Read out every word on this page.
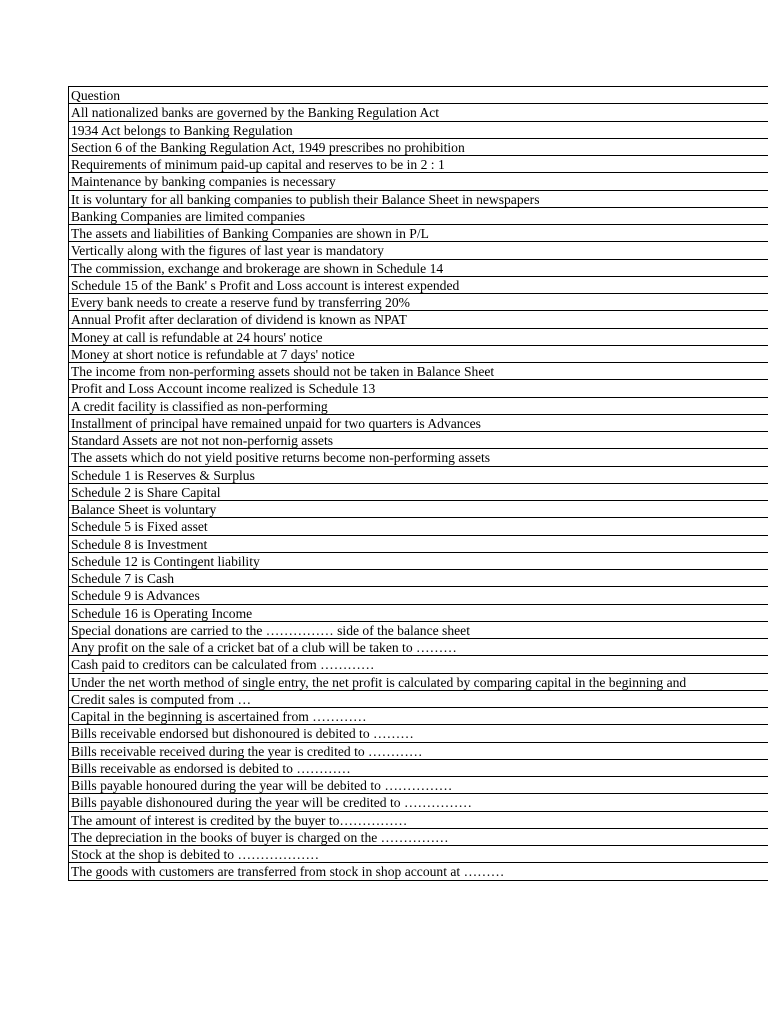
Question
All nationalized banks are governed by the Banking Regulation Act
1934 Act belongs to Banking Regulation
Section 6 of the Banking Regulation Act, 1949 prescribes no prohibition
Requirements of minimum paid-up capital and reserves to be in 2 : 1
Maintenance by banking companies is necessary
It is voluntary for all banking companies to publish their Balance Sheet in newspapers
Banking Companies are limited companies
The assets and liabilities of Banking Companies are shown in P/L
Vertically along with the figures of last year is mandatory
The commission, exchange and brokerage are shown in Schedule 14
Schedule 15 of the Bank' s Profit and Loss account is interest expended
Every bank needs to create a reserve fund by transferring 20%
Annual Profit after declaration of dividend is known as NPAT
Money at call is refundable at 24 hours' notice
Money at short notice is refundable at 7 days' notice
The income from non-performing assets should not be taken in Balance Sheet
Profit and Loss Account income realized is Schedule 13
A credit facility is classified as non-performing
Installment of principal have remained unpaid for two quarters is Advances
Standard Assets are not not non-perfornig assets
The assets which do not yield positive returns become non-performing assets
Schedule 1 is Reserves & Surplus
Schedule 2 is Share Capital
Balance Sheet is voluntary
Schedule 5 is Fixed asset
Schedule 8 is Investment
Schedule 12 is Contingent liability
Schedule 7 is Cash
Schedule 9 is Advances
Schedule 16 is Operating Income
Special donations are carried to the …………… side of the balance sheet
Any profit on the sale of a cricket bat of a club will be taken to ………
Cash paid to creditors can be calculated from …………
Under the net worth method of single entry, the net profit is calculated by comparing capital in the beginning and
Credit sales is computed from …
Capital in the beginning is ascertained from …………
Bills receivable endorsed but dishonoured is debited to ………
Bills receivable received during the year is credited to …………
Bills receivable as endorsed is debited to …………
Bills payable honoured during the year will be debited to ……………
Bills payable dishonoured during the year will be credited to ……………
The amount of interest is credited by the buyer to……………
The depreciation in the books of buyer is charged on the ……………
Stock at the shop is debited to ………………
The goods with customers are transferred from stock in shop account at ………
